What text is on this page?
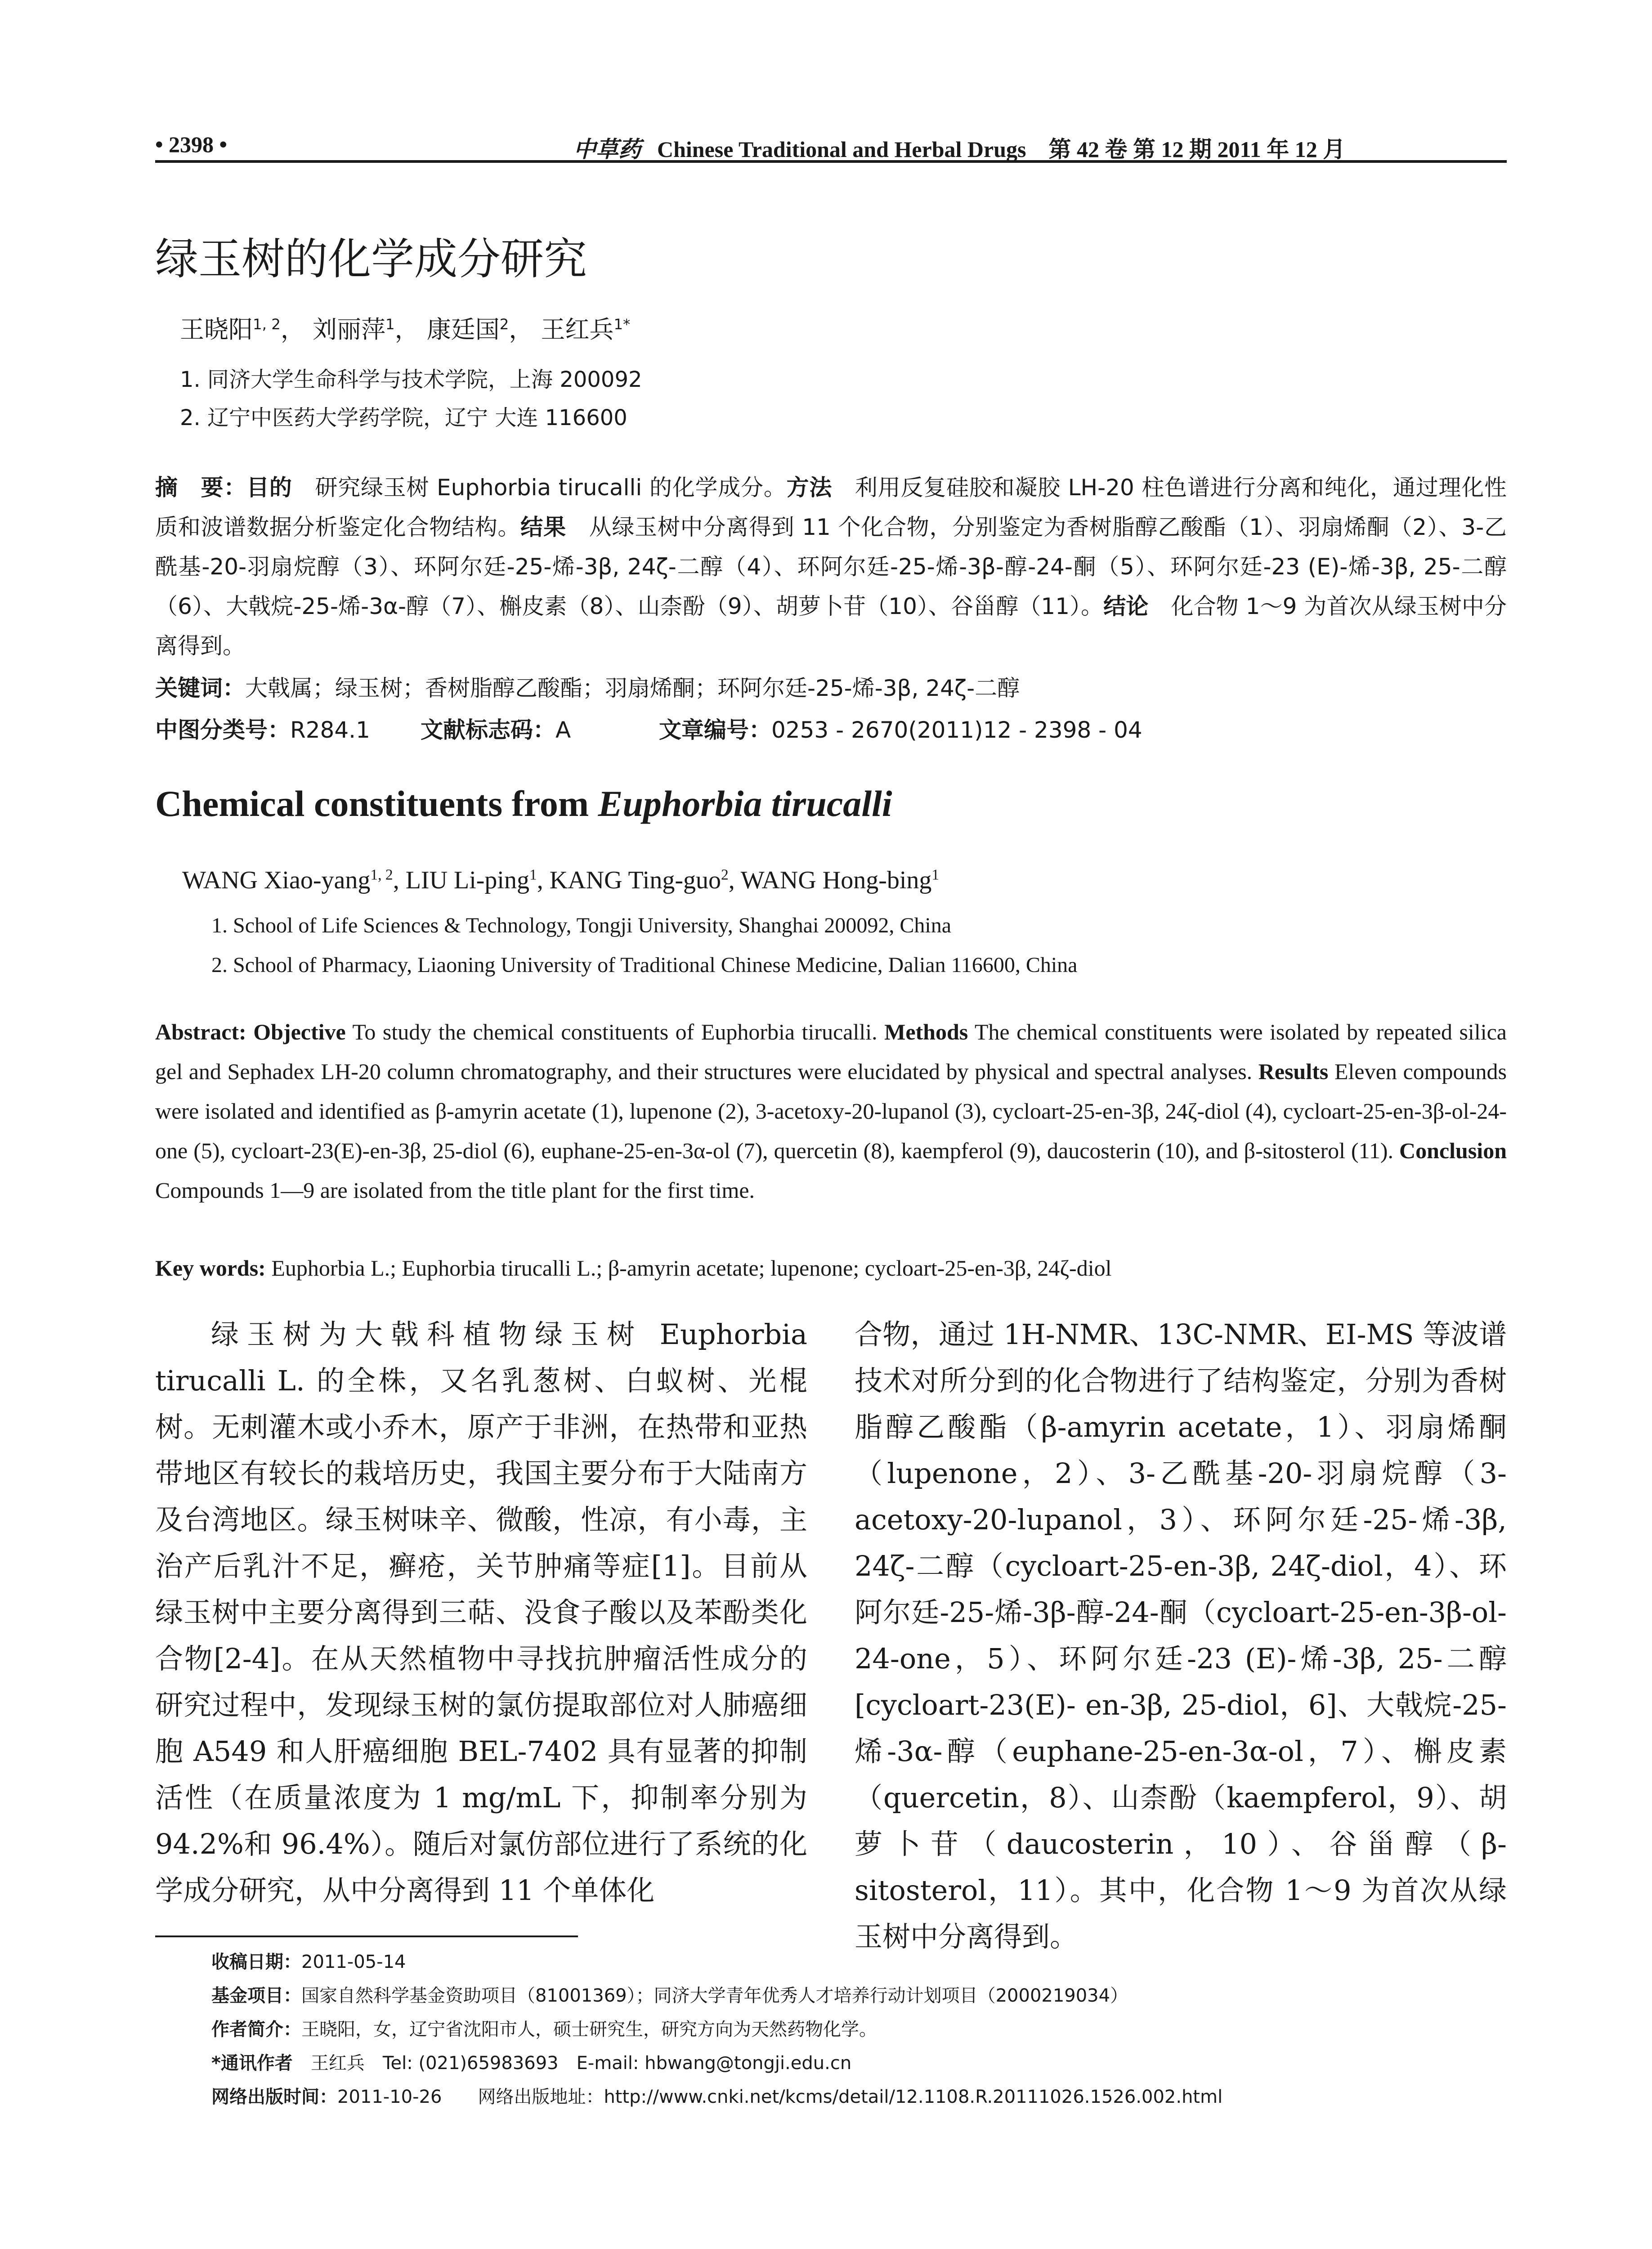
• 2398 •	中草药 Chinese Traditional and Herbal Drugs 第 42 卷 第 12 期 2011 年 12 月
绿玉树的化学成分研究
王晓阳$^{1, 2}$， 刘丽萍$^1$， 康廷国$^2$， 王红兵$^{1*}$
1. 同济大学生命科学与技术学院，上海 200092
2. 辽宁中医药大学药学院，辽宁 大连 116600
摘　要：目的　研究绿玉树 Euphorbia tirucalli 的化学成分。方法　利用反复硅胶和凝胶 LH-20 柱色谱进行分离和纯化，通过理化性质和波谱数据分析鉴定化合物结构。结果　从绿玉树中分离得到 11 个化合物，分别鉴定为香树脂醇乙酸酯（1）、羽扇烯酮（2）、3-乙酰基-20-羽扇烷醇（3）、环阿尔廷-25-烯-3β, 24ζ-二醇（4）、环阿尔廷-25-烯-3β-醇-24-酮（5）、环阿尔廷-23 (E)-烯-3β, 25-二醇（6）、大戟烷-25-烯-3α-醇（7）、槲皮素（8）、山柰酚（9）、胡萝卜苷（10）、谷甾醇（11）。结论　化合物 1～9 为首次从绿玉树中分离得到。
关键词：大戟属；绿玉树；香树脂醇乙酸酯；羽扇烯酮；环阿尔廷-25-烯-3β, 24ζ-二醇
中图分类号：R284.1 文献标志码：A	文章编号：0253 - 2670(2011)12 - 2398 - 04
Chemical constituents from Euphorbia tirucalli
WANG Xiao-yang$^{1, 2}$, LIU Li-ping$^1$, KANG Ting-guo$^2$, WANG Hong-bing$^1$
1. School of Life Sciences & Technology, Tongji University, Shanghai 200092, China
2. School of Pharmacy, Liaoning University of Traditional Chinese Medicine, Dalian 116600, China
Abstract: Objective To study the chemical constituents of Euphorbia tirucalli. Methods The chemical constituents were isolated by repeated silica gel and Sephadex LH-20 column chromatography, and their structures were elucidated by physical and spectral analyses. Results Eleven compounds were isolated and identified as β-amyrin acetate (1), lupenone (2), 3-acetoxy-20-lupanol (3), cycloart-25-en-3β, 24ζ-diol (4), cycloart-25-en-3β-ol-24-one (5), cycloart-23(E)-en-3β, 25-diol (6), euphane-25-en-3α-ol (7), quercetin (8), kaempferol (9), daucosterin (10), and β-sitosterol (11). Conclusion Compounds 1—9 are isolated from the title plant for the first time.
Key words: Euphorbia L.; Euphorbia tirucalli L.; β-amyrin acetate; lupenone; cycloart-25-en-3β, 24ζ-diol
绿玉树为大戟科植物绿玉树 Euphorbia tirucalli L. 的全株，又名乳葱树、白蚁树、光棍树。无刺灌木或小乔木，原产于非洲，在热带和亚热带地区有较长的栽培历史，我国主要分布于大陆南方及台湾地区。绿玉树味辛、微酸，性凉，有小毒，主治产后乳汁不足，癣疮，关节肿痛等症[1]。目前从绿玉树中主要分离得到三萜、没食子酸以及苯酚类化合物[2-4]。在从天然植物中寻找抗肿瘤活性成分的研究过程中，发现绿玉树的氯仿提取部位对人肺癌细胞 A549 和人肝癌细胞 BEL-7402 具有显著的抑制活性（在质量浓度为 1 mg/mL 下，抑制率分别为 94.2%和 96.4%）。随后对氯仿部位进行了系统的化学成分研究，从中分离得到 11 个单体化
合物，通过 1H-NMR、13C-NMR、EI-MS 等波谱技术对所分到的化合物进行了结构鉴定，分别为香树脂醇乙酸酯（β-amyrin acetate，1）、羽扇烯酮（lupenone，2）、3-乙酰基-20-羽扇烷醇（3-acetoxy-20-lupanol，3）、环阿尔廷-25-烯-3β, 24ζ-二醇（cycloart-25-en-3β, 24ζ-diol，4）、环阿尔廷-25-烯-3β-醇-24-酮（cycloart-25-en-3β-ol-24-one，5）、环阿尔廷-23 (E)-烯-3β, 25-二醇 [cycloart-23(E)- en-3β, 25-diol，6]、大戟烷-25-烯-3α-醇（euphane-25-en-3α-ol，7）、槲皮素（quercetin，8）、山柰酚（kaempferol，9）、胡萝卜苷（daucosterin，10）、谷甾醇（β-sitosterol，11）。其中，化合物 1～9 为首次从绿玉树中分离得到。
收稿日期：2011-05-14
基金项目：国家自然科学基金资助项目（81001369）；同济大学青年优秀人才培养行动计划项目（2000219034）
作者简介：王晓阳，女，辽宁省沈阳市人，硕士研究生，研究方向为天然药物化学。
*通讯作者　王红兵　Tel: (021)65983693　E-mail: hbwang@tongji.edu.cn
网络出版时间：2011-10-26　　网络出版地址：http://www.cnki.net/kcms/detail/12.1108.R.20111026.1526.002.html
